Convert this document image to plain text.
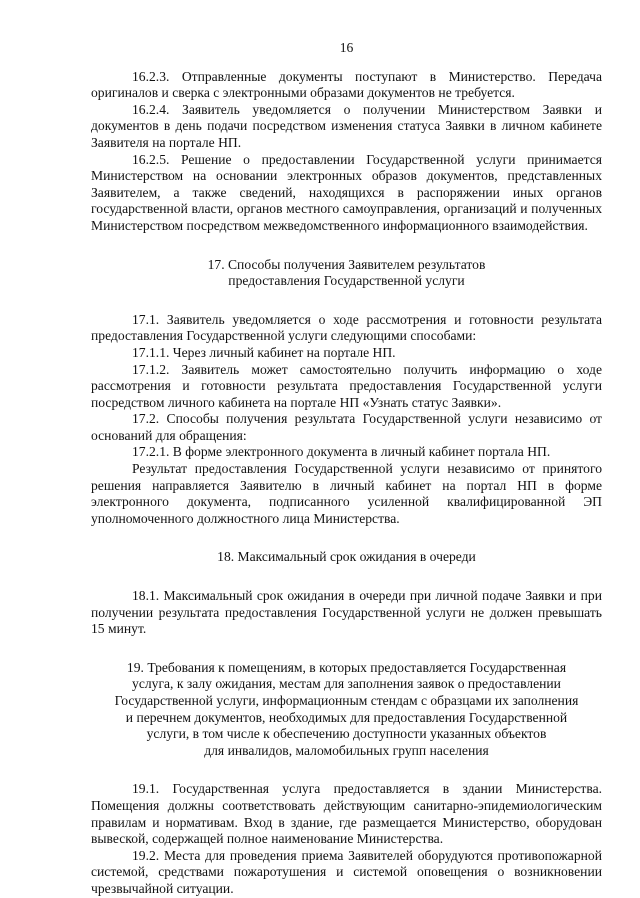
16

16.2.3. Отправленные документы поступают в Министерство. Передача оригиналов и сверка с электронными образами документов не требуется.

16.2.4. Заявитель уведомляется о получении Министерством Заявки и документов в день подачи посредством изменения статуса Заявки в личном кабинете Заявителя на портале НП.

16.2.5. Решение о предоставлении Государственной услуги принимается Министерством на основании электронных образов документов, представленных Заявителем, а также сведений, находящихся в распоряжении иных органов государственной власти, органов местного самоуправления, организаций и полученных Министерством посредством межведомственного информационного взаимодействия.

17. Способы получения Заявителем результатов

предоставления Государственной услуги

17.1. Заявитель уведомляется о ходе рассмотрения и готовности результата предоставления Государственной услуги следующими способами:

17.1.1. Через личный кабинет на портале НП.

17.1.2. Заявитель может самостоятельно получить информацию о ходе рассмотрения и готовности результата предоставления Государственной услуги посредством личного кабинета на портале НП «Узнать статус Заявки».

17.2. Способы получения результата Государственной услуги независимо от оснований для обращения:

17.2.1. В форме электронного документа в личный кабинет портала НП.

Результат предоставления Государственной услуги независимо от принятого решения направляется Заявителю в личный кабинет на портал НП в форме электронного документа, подписанного усиленной квалифицированной ЭП уполномоченного должностного лица Министерства.

18. Максимальный срок ожидания в очереди

18.1. Максимальный срок ожидания в очереди при личной подаче Заявки и при получении результата предоставления Государственной услуги не должен превышать 15 минут.

19. Требования к помещениям, в которых предоставляется Государственная

услуга, к залу ожидания, местам для заполнения заявок о предоставлении

Государственной услуги, информационным стендам с образцами их заполнения

и перечнем документов, необходимых для предоставления Государственной

услуги, в том числе к обеспечению доступности указанных объектов

для инвалидов, маломобильных групп населения

19.1. Государственная услуга предоставляется в здании Министерства. Помещения должны соответствовать действующим санитарно-эпидемиологическим правилам и нормативам. Вход в здание, где размещается Министерство, оборудован вывеской, содержащей полное наименование Министерства.

19.2. Места для проведения приема Заявителей оборудуются противопожарной системой, средствами пожаротушения и системой оповещения о возникновении чрезвычайной ситуации.
